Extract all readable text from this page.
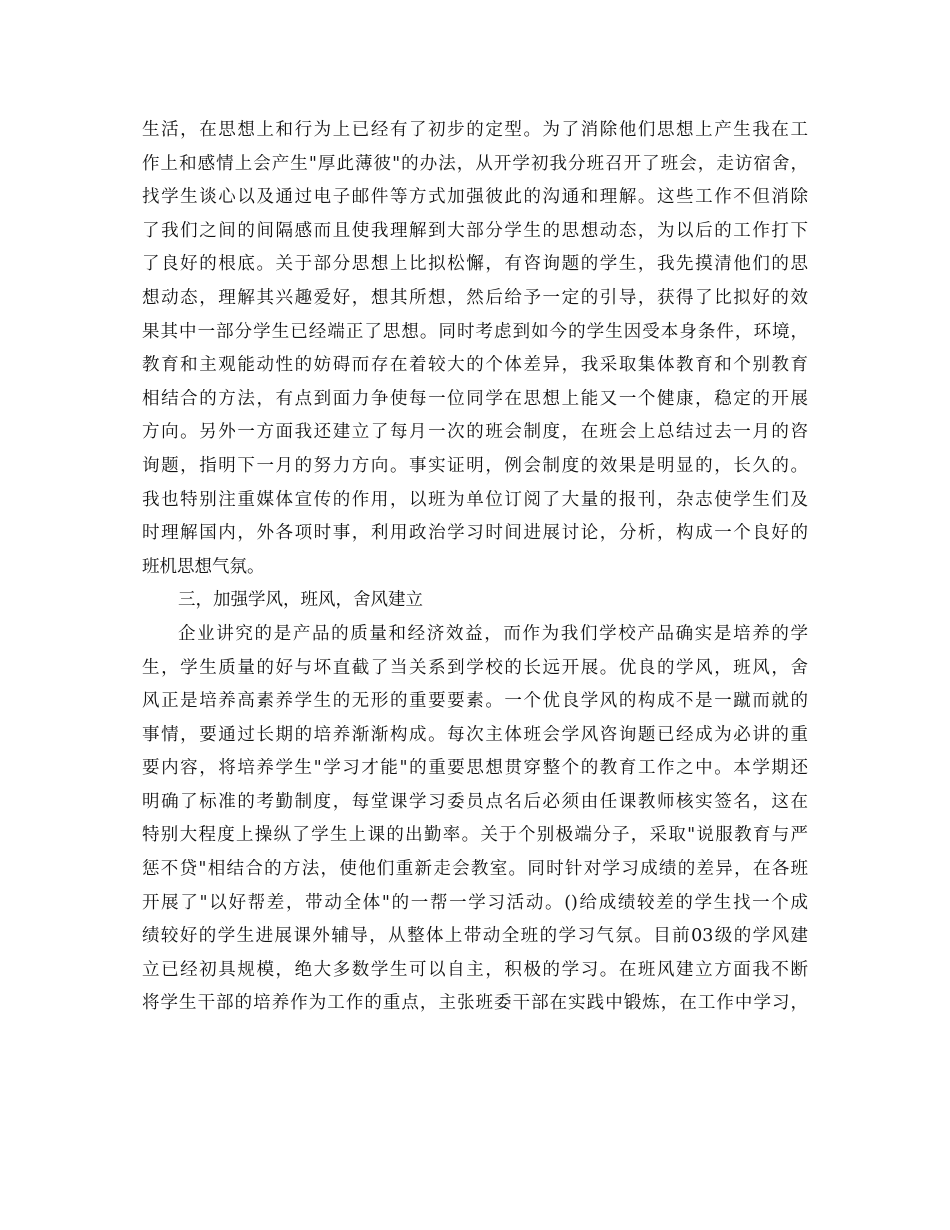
生活，在思想上和行为上已经有了初步的定型。为了消除他们思想上产生我在工
作上和感情上会产生"厚此薄彼"的办法，从开学初我分班召开了班会，走访宿舍，
找学生谈心以及通过电子邮件等方式加强彼此的沟通和理解。这些工作不但消除
了我们之间的间隔感而且使我理解到大部分学生的思想动态，为以后的工作打下
了良好的根底。关于部分思想上比拟松懈，有咨询题的学生，我先摸清他们的思
想动态，理解其兴趣爱好，想其所想，然后给予一定的引导，获得了比拟好的效
果其中一部分学生已经端正了思想。同时考虑到如今的学生因受本身条件，环境，
教育和主观能动性的妨碍而存在着较大的个体差异，我采取集体教育和个别教育
相结合的方法，有点到面力争使每一位同学在思想上能又一个健康，稳定的开展
方向。另外一方面我还建立了每月一次的班会制度，在班会上总结过去一月的咨
询题，指明下一月的努力方向。事实证明，例会制度的效果是明显的，长久的。
我也特别注重媒体宣传的作用，以班为单位订阅了大量的报刊，杂志使学生们及
时理解国内，外各项时事，利用政治学习时间进展讨论，分析，构成一个良好的
班机思想气氛。
三，加强学风，班风，舍风建立
企业讲究的是产品的质量和经济效益，而作为我们学校产品确实是培养的学
生，学生质量的好与坏直截了当关系到学校的长远开展。优良的学风，班风，舍
风正是培养高素养学生的无形的重要要素。一个优良学风的构成不是一蹴而就的
事情，要通过长期的培养渐渐构成。每次主体班会学风咨询题已经成为必讲的重
要内容，将培养学生"学习才能"的重要思想贯穿整个的教育工作之中。本学期还
明确了标准的考勤制度，每堂课学习委员点名后必须由任课教师核实签名，这在
特别大程度上操纵了学生上课的出勤率。关于个别极端分子，采取"说服教育与严
惩不贷"相结合的方法，使他们重新走会教室。同时针对学习成绩的差异，在各班
开展了"以好帮差，带动全体"的一帮一学习活动。()给成绩较差的学生找一个成
绩较好的学生进展课外辅导，从整体上带动全班的学习气氛。目前03级的学风建
立已经初具规模，绝大多数学生可以自主，积极的学习。在班风建立方面我不断
将学生干部的培养作为工作的重点，主张班委干部在实践中锻炼，在工作中学习，
